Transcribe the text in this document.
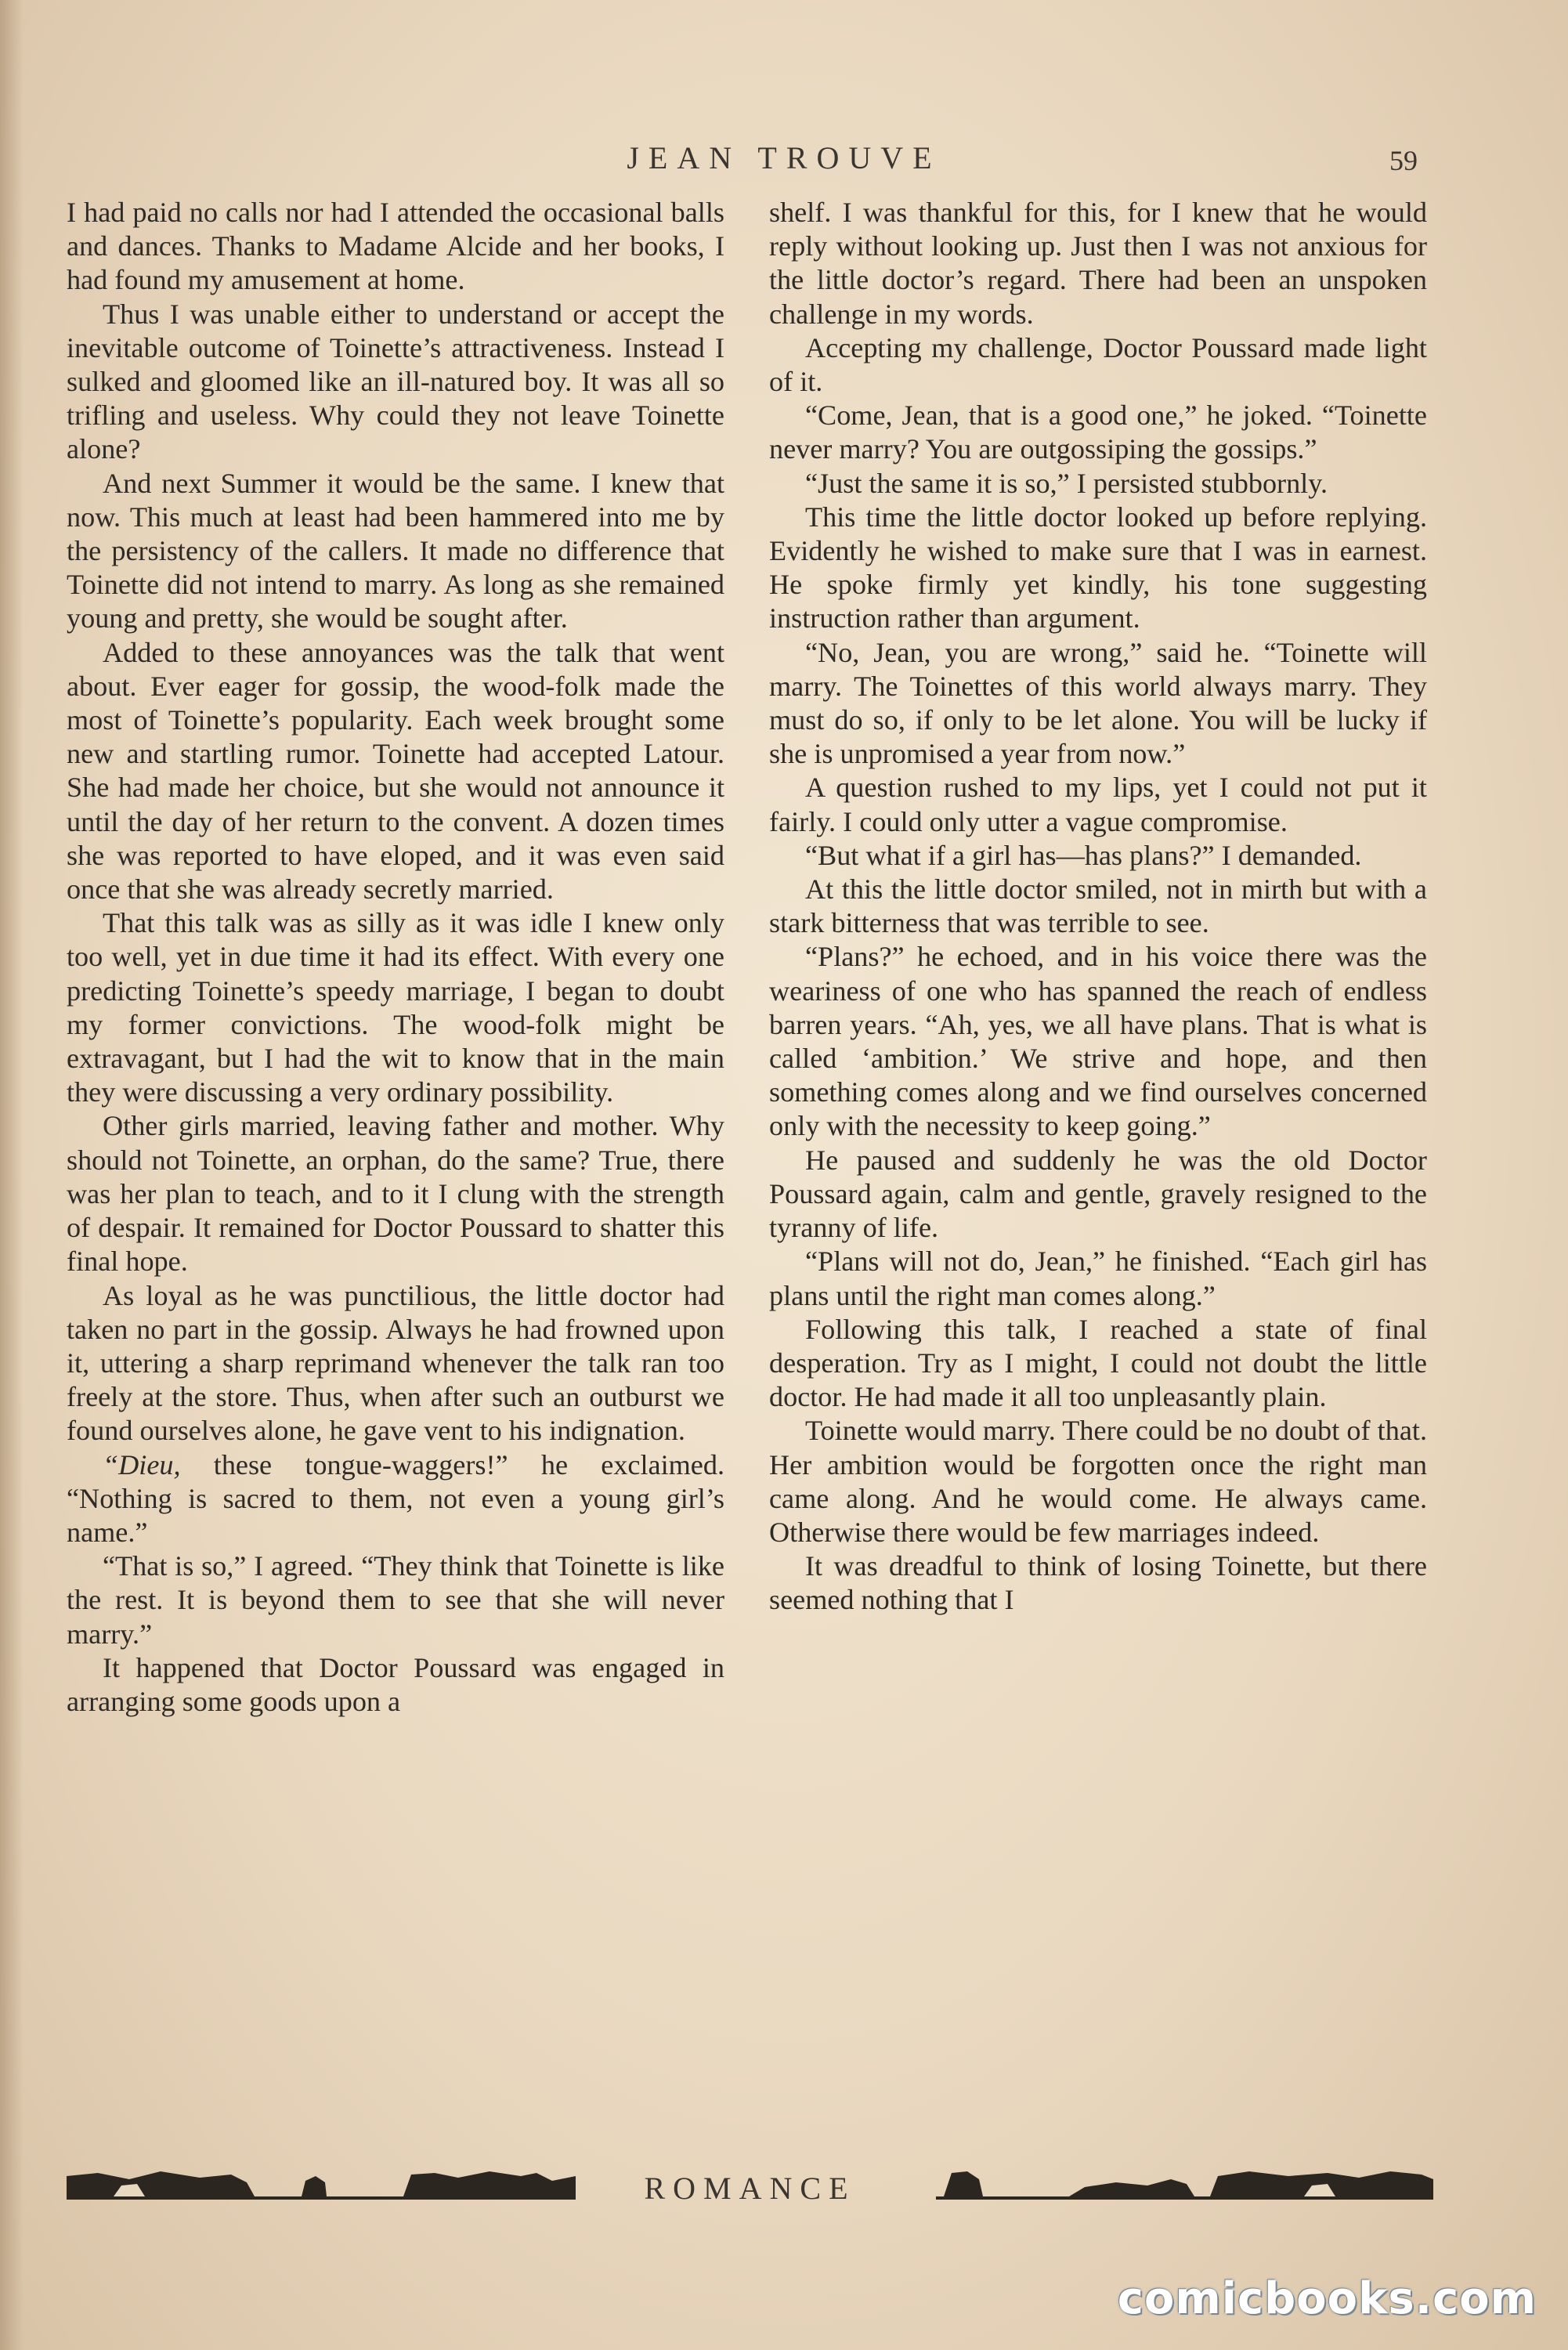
JEAN TROUVE	59

I had paid no calls nor had I attended the occasional balls and dances. Thanks to Madame Alcide and her books, I had found my amusement at home.

Thus I was unable either to understand or accept the inevitable outcome of Toinette’s attractiveness. Instead I sulked and gloomed like an ill-natured boy. It was all so trifling and useless. Why could they not leave Toinette alone?

And next Summer it would be the same. I knew that now. This much at least had been hammered into me by the persistency of the callers. It made no difference that Toinette did not intend to marry. As long as she remained young and pretty, she would be sought after.

Added to these annoyances was the talk that went about. Ever eager for gossip, the wood-folk made the most of Toinette’s popularity. Each week brought some new and startling rumor. Toinette had accepted Latour. She had made her choice, but she would not announce it until the day of her return to the convent. A dozen times she was reported to have eloped, and it was even said once that she was already secretly married.

That this talk was as silly as it was idle I knew only too well, yet in due time it had its effect. With every one predicting Toinette’s speedy marriage, I began to doubt my former convictions. The wood-folk might be extravagant, but I had the wit to know that in the main they were discussing a very ordinary possibility.

Other girls married, leaving father and mother. Why should not Toinette, an orphan, do the same? True, there was her plan to teach, and to it I clung with the strength of despair. It remained for Doctor Poussard to shatter this final hope.

As loyal as he was punctilious, the little doctor had taken no part in the gossip. Always he had frowned upon it, uttering a sharp reprimand whenever the talk ran too freely at the store. Thus, when after such an outburst we found ourselves alone, he gave vent to his indignation.

“Dieu, these tongue-waggers!” he exclaimed. “Nothing is sacred to them, not even a young girl’s name.”

“That is so,” I agreed. “They think that Toinette is like the rest. It is beyond them to see that she will never marry.”

It happened that Doctor Poussard was engaged in arranging some goods upon a

shelf. I was thankful for this, for I knew that he would reply without looking up. Just then I was not anxious for the little doctor’s regard. There had been an unspoken challenge in my words.

Accepting my challenge, Doctor Poussard made light of it.

“Come, Jean, that is a good one,” he joked. “Toinette never marry? You are outgossiping the gossips.”

“Just the same it is so,” I persisted stubbornly.

This time the little doctor looked up before replying. Evidently he wished to make sure that I was in earnest. He spoke firmly yet kindly, his tone suggesting instruction rather than argument.

“No, Jean, you are wrong,” said he. “Toinette will marry. The Toinettes of this world always marry. They must do so, if only to be let alone. You will be lucky if she is unpromised a year from now.”

A question rushed to my lips, yet I could not put it fairly. I could only utter a vague compromise.

“But what if a girl has—has plans?” I demanded.

At this the little doctor smiled, not in mirth but with a stark bitterness that was terrible to see.

“Plans?” he echoed, and in his voice there was the weariness of one who has spanned the reach of endless barren years. “Ah, yes, we all have plans. That is what is called ‘ambition.’ We strive and hope, and then something comes along and we find ourselves concerned only with the necessity to keep going.”

He paused and suddenly he was the old Doctor Poussard again, calm and gentle, gravely resigned to the tyranny of life.

“Plans will not do, Jean,” he finished. “Each girl has plans until the right man comes along.”

Following this talk, I reached a state of final desperation. Try as I might, I could not doubt the little doctor. He had made it all too unpleasantly plain.

Toinette would marry. There could be no doubt of that. Her ambition would be forgotten once the right man came along. And he would come. He always came. Otherwise there would be few marriages indeed.

It was dreadful to think of losing Toinette, but there seemed nothing that I

ROMANCE
comicbooks.com
